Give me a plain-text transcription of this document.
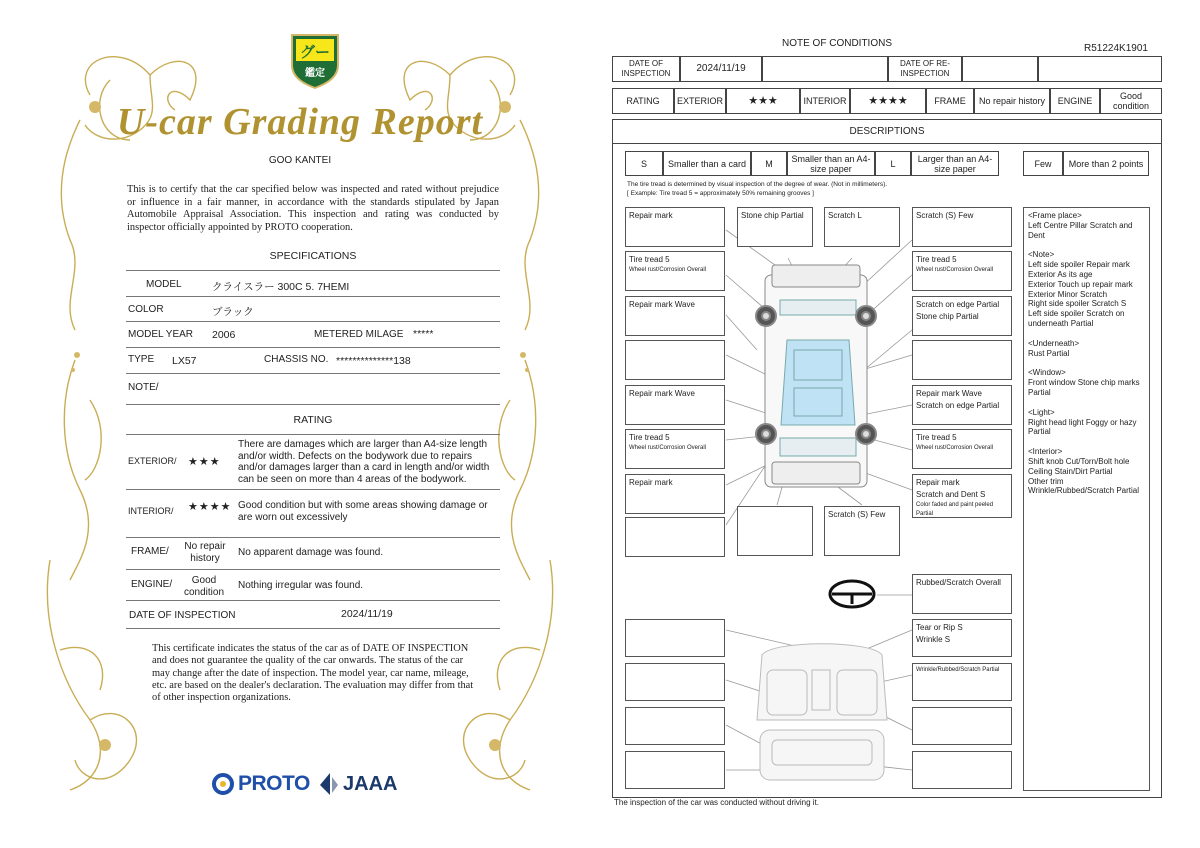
グー
鑑定
U-car Grading Report
GOO KANTEI
This is to certify that the car specified below was inspected and rated without prejudice or influence in a fair manner, in accordance with the standards stipulated by Japan Automobile Appraisal Association. This inspection and rating was conducted by inspector officially appointed by PROTO cooperation.
SPECIFICATIONS
MODEL	クライスラー 300C 5. 7HEMI
COLOR	ブラック
MODEL YEAR 2006	METERED MILAGE *****
TYPE LX57	CHASSIS NO. **************138
NOTE/
RATING
EXTERIOR/ ★★★
There are damages which are larger than A4-size length and/or width. Defects on the bodywork due to repairs and/or damages larger than a card in length and/or width can be seen on more than 4 areas of the bodywork.
INTERIOR/ ★★★★ Good condition but with some areas showing damage or are worn out excessively
FRAME/	No repair history	No apparent damage was found.
ENGINE/	Good condition
Nothing irregular was found.
DATE OF INSPECTION	2024/11/19
This certificate indicates the status of the car as of DATE OF INSPECTION and does not guarantee the quality of the car onwards. The status of the car may change after the date of inspection. The model year, car name, mileage, etc. are based on the dealer's declaration. The evaluation may differ from that of other inspection organizations.
PROTO JAAA
NOTE OF CONDITIONS	R51224K1901
DATE OF INSPECTION	2024/11/19	DATE OF RE-INSPECTION
RATING	EXTERIOR	★★★	INTERIOR	★★★★	FRAME	No repair history	ENGINE	Good condition
DESCRIPTIONS
S	Smaller than a card	M	Smaller than an A4-size paper	L	Larger than an A4-size paper	Few	More than 2 points
The tire tread is determined by visual inspection of the degree of wear. (Not in millimeters).
[ Example: Tire tread 5 = approximately 50% remaining grooves ]
Repair mark	Stone chip Partial	Scratch L	Scratch (S) Few
Tire tread 5
Wheel rust/Corrosion Overall
Tire tread 5
Wheel rust/Corrosion Overall
Repair mark Wave	Scratch on edge Partial
Stone chip Partial
Repair mark Wave	Repair mark Wave
Scratch on edge Partial
Tire tread 5
Wheel rust/Corrosion Overall
Tire tread 5
Wheel rust/Corrosion Overall
Repair mark	Repair mark
Scratch and Dent S
Color faded and paint peeled Partial
Scratch (S) Few
Rubbed/Scratch Overall
Tear or Rip S
Wrinkle S
Wrinkle/Rubbed/Scratch Partial
<Frame place>
Left Centre Pillar Scratch and Dent
<Note>
Left side spoiler Repair mark
Exterior As its age
Exterior Touch up repair mark
Exterior Minor Scratch
Right side spoiler Scratch S
Left side spoiler Scratch on underneath Partial
<Underneath>
Rust Partial
<Window>
Front window Stone chip marks Partial
<Light>
Right head light Foggy or hazy Partial
<Interior>
Shift knob Cut/Torn/Bolt hole
Ceiling Stain/Dirt Partial
Other trim
Wrinkle/Rubbed/Scratch Partial
The inspection of the car was conducted without driving it.
